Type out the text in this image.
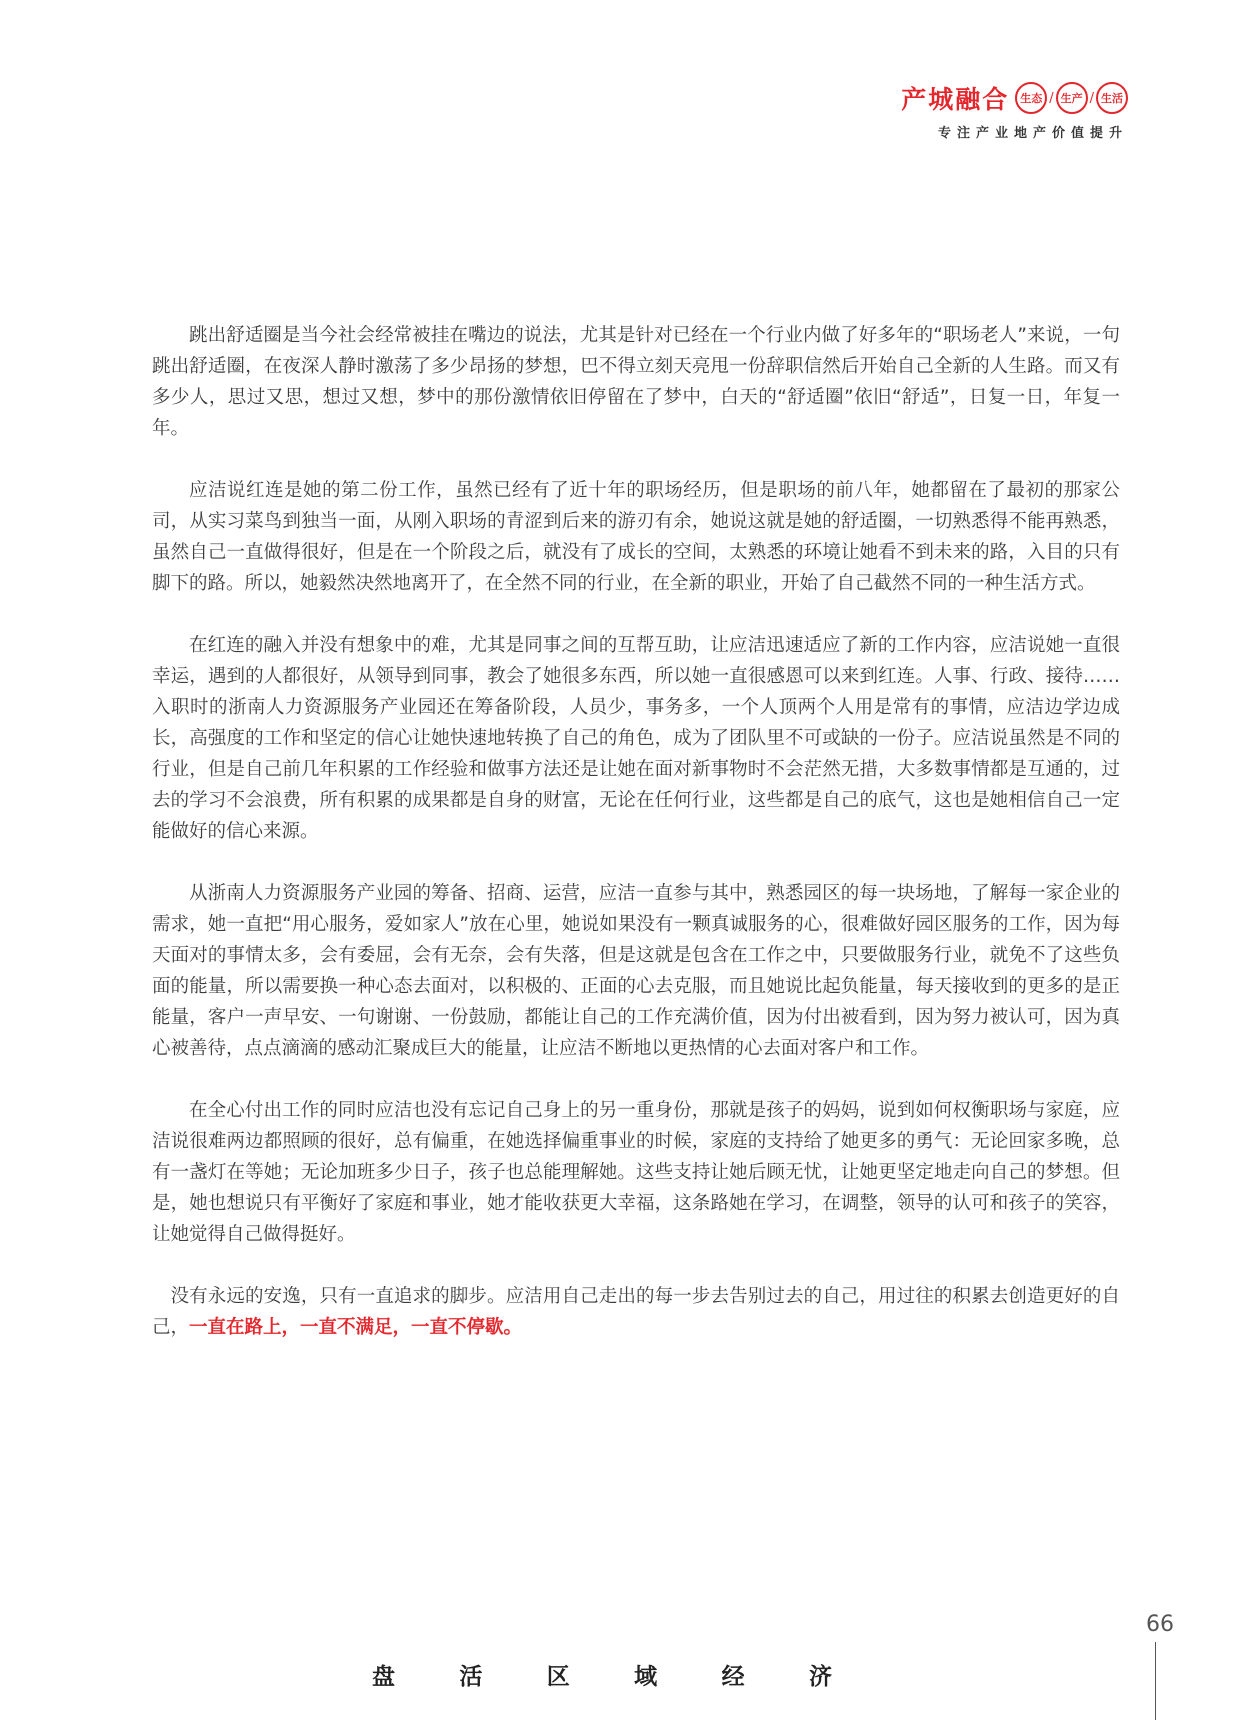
产城融合	生态 / 生产 / 生活
专注产业地产价值提升

跳出舒适圈是当今社会经常被挂在嘴边的说法，尤其是针对已经在一个行业内做了好多年的“职场老人”来说，一句跳出舒适圈，在夜深人静时激荡了多少昂扬的梦想，巴不得立刻天亮甩一份辞职信然后开始自己全新的人生路。而又有多少人，思过又思，想过又想，梦中的那份激情依旧停留在了梦中，白天的“舒适圈”依旧“舒适”，日复一日，年复一年。

应洁说红连是她的第二份工作，虽然已经有了近十年的职场经历，但是职场的前八年，她都留在了最初的那家公司，从实习菜鸟到独当一面，从刚入职场的青涩到后来的游刃有余，她说这就是她的舒适圈，一切熟悉得不能再熟悉，虽然自己一直做得很好，但是在一个阶段之后，就没有了成长的空间，太熟悉的环境让她看不到未来的路，入目的只有脚下的路。所以，她毅然决然地离开了，在全然不同的行业，在全新的职业，开始了自己截然不同的一种生活方式。

在红连的融入并没有想象中的难，尤其是同事之间的互帮互助，让应洁迅速适应了新的工作内容，应洁说她一直很幸运，遇到的人都很好，从领导到同事，教会了她很多东西，所以她一直很感恩可以来到红连。人事、行政、接待……入职时的浙南人力资源服务产业园还在筹备阶段，人员少，事务多，一个人顶两个人用是常有的事情，应洁边学边成长，高强度的工作和坚定的信心让她快速地转换了自己的角色，成为了团队里不可或缺的一份子。应洁说虽然是不同的行业，但是自己前几年积累的工作经验和做事方法还是让她在面对新事物时不会茫然无措，大多数事情都是互通的，过去的学习不会浪费，所有积累的成果都是自身的财富，无论在任何行业，这些都是自己的底气，这也是她相信自己一定能做好的信心来源。

从浙南人力资源服务产业园的筹备、招商、运营，应洁一直参与其中，熟悉园区的每一块场地，了解每一家企业的需求，她一直把“用心服务，爱如家人”放在心里，她说如果没有一颗真诚服务的心，很难做好园区服务的工作，因为每天面对的事情太多，会有委屈，会有无奈，会有失落，但是这就是包含在工作之中，只要做服务行业，就免不了这些负面的能量，所以需要换一种心态去面对，以积极的、正面的心去克服，而且她说比起负能量，每天接收到的更多的是正能量，客户一声早安、一句谢谢、一份鼓励，都能让自己的工作充满价值，因为付出被看到，因为努力被认可，因为真心被善待，点点滴滴的感动汇聚成巨大的能量，让应洁不断地以更热情的心去面对客户和工作。

在全心付出工作的同时应洁也没有忘记自己身上的另一重身份，那就是孩子的妈妈，说到如何权衡职场与家庭，应洁说很难两边都照顾的很好，总有偏重，在她选择偏重事业的时候，家庭的支持给了她更多的勇气：无论回家多晚，总有一盏灯在等她；无论加班多少日子，孩子也总能理解她。这些支持让她后顾无忧，让她更坚定地走向自己的梦想。但是，她也想说只有平衡好了家庭和事业，她才能收获更大幸福，这条路她在学习，在调整，领导的认可和孩子的笑容，让她觉得自己做得挺好。

没有永远的安逸，只有一直追求的脚步。应洁用自己走出的每一步去告别过去的自己，用过往的积累去创造更好的自己，一直在路上，一直不满足，一直不停歇。

66
盘	活	区	域	经	济
